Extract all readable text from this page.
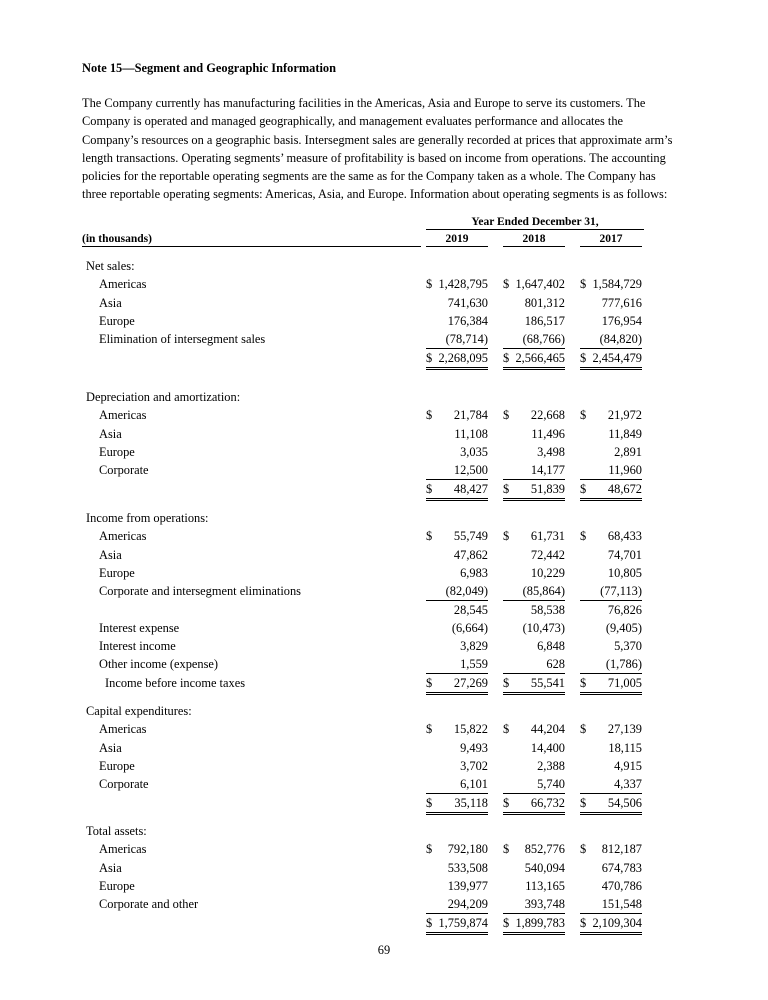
Note 15—Segment and Geographic Information
The Company currently has manufacturing facilities in the Americas, Asia and Europe to serve its customers. The Company is operated and managed geographically, and management evaluates performance and allocates the Company’s resources on a geographic basis. Intersegment sales are generally recorded at prices that approximate arm’s length transactions. Operating segments’ measure of profitability is based on income from operations. The accounting policies for the reportable operating segments are the same as for the Company taken as a whole. The Company has three reportable operating segments: Americas, Asia, and Europe. Information about operating segments is as follows:
Year Ended December 31,
(in thousands)	2019	2018	2017
Net sales:
Americas	$ 1,428,795 $ 1,647,402 $ 1,584,729
Asia	741,630	801,312	777,616
Europe	176,384	186,517	176,954
Elimination of intersegment sales	(78,714)	(68,766)	(84,820)
$ 2,268,095 $ 2,566,465 $ 2,454,479
Depreciation and amortization:
Americas	$ 21,784 $ 22,668 $ 21,972
Asia	11,108	11,496	11,849
Europe	3,035	3,498	2,891
Corporate	12,500	14,177	11,960
$ 48,427 $ 51,839 $ 48,672
Income from operations:
Americas	$ 55,749 $ 61,731 $ 68,433
Asia	47,862	72,442	74,701
Europe	6,983	10,229	10,805
Corporate and intersegment eliminations	(82,049)	(85,864)	(77,113)
28,545	58,538	76,826
Interest expense	(6,664)	(10,473)	(9,405)
Interest income	3,829	6,848	5,370
Other income (expense)	1,559	628	(1,786)
Income before income taxes	$ 27,269 $ 55,541 $ 71,005
Capital expenditures:
Americas	$ 15,822 $ 44,204 $ 27,139
Asia	9,493	14,400	18,115
Europe	3,702	2,388	4,915
Corporate	6,101	5,740	4,337
$ 35,118 $ 66,732 $ 54,506
Total assets:
Americas	$ 792,180 $ 852,776 $ 812,187
Asia	533,508	540,094	674,783
Europe	139,977	113,165	470,786
Corporate and other	294,209	393,748	151,548
$ 1,759,874 $ 1,899,783 $ 2,109,304
69
